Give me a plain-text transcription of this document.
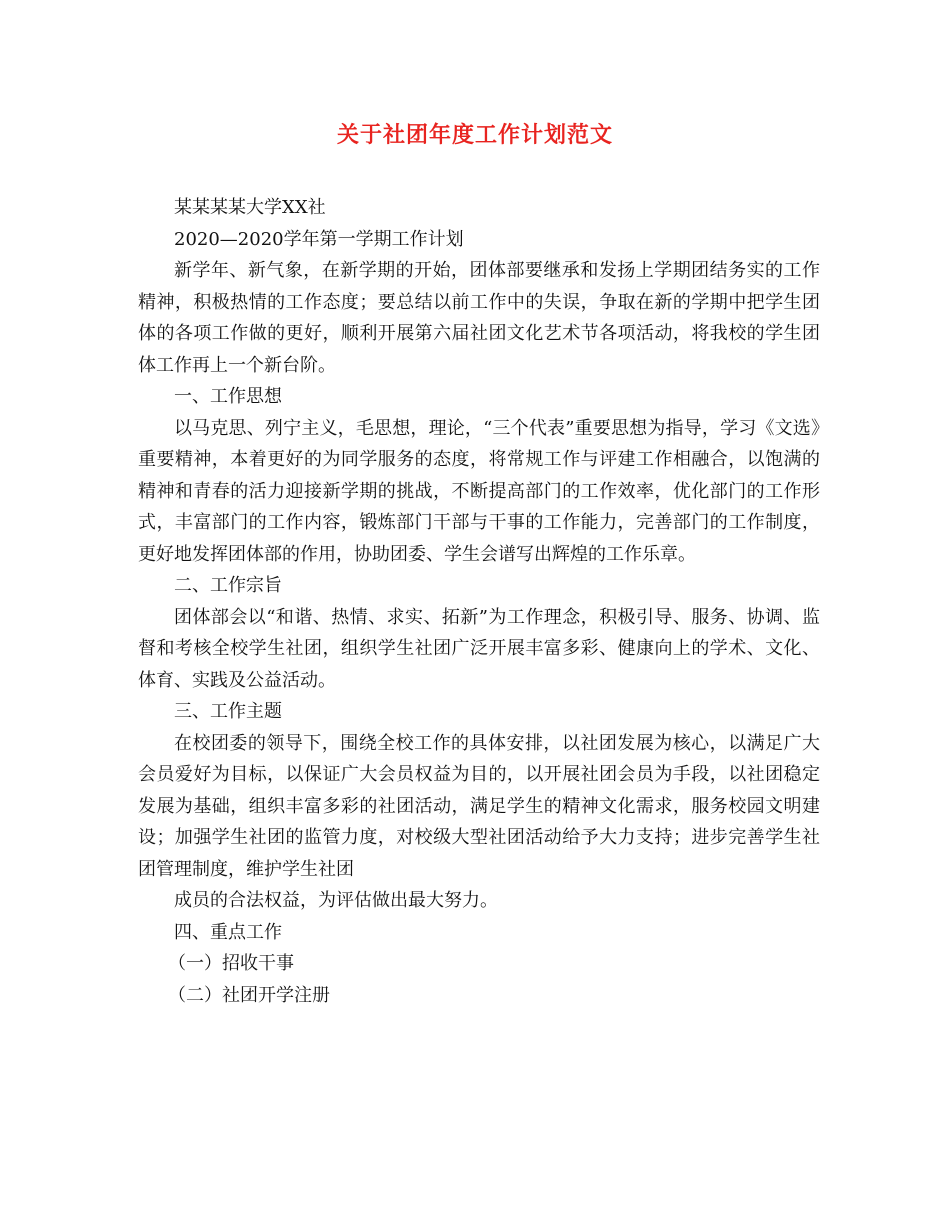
关于社团年度工作计划范文

某某某某大学XX社

2020—2020学年第一学期工作计划

新学年、新气象，在新学期的开始，团体部要继承和发扬上学期团结务实的工作精神，积极热情的工作态度；要总结以前工作中的失误，争取在新的学期中把学生团体的各项工作做的更好，顺利开展第六届社团文化艺术节各项活动，将我校的学生团体工作再上一个新台阶。

一、工作思想

以马克思、列宁主义，毛思想，理论，“三个代表”重要思想为指导，学习《文选》重要精神，本着更好的为同学服务的态度，将常规工作与评建工作相融合，以饱满的精神和青春的活力迎接新学期的挑战，不断提高部门的工作效率，优化部门的工作形式，丰富部门的工作内容，锻炼部门干部与干事的工作能力，完善部门的工作制度，更好地发挥团体部的作用，协助团委、学生会谱写出辉煌的工作乐章。

二、工作宗旨

团体部会以“和谐、热情、求实、拓新”为工作理念，积极引导、服务、协调、监督和考核全校学生社团，组织学生社团广泛开展丰富多彩、健康向上的学术、文化、体育、实践及公益活动。

三、工作主题

在校团委的领导下，围绕全校工作的具体安排，以社团发展为核心，以满足广大会员爱好为目标，以保证广大会员权益为目的，以开展社团会员为手段，以社团稳定发展为基础，组织丰富多彩的社团活动，满足学生的精神文化需求，服务校园文明建设；加强学生社团的监管力度，对校级大型社团活动给予大力支持；进步完善学生社团管理制度，维护学生社团

成员的合法权益，为评估做出最大努力。

四、重点工作

（一）招收干事

（二）社团开学注册
